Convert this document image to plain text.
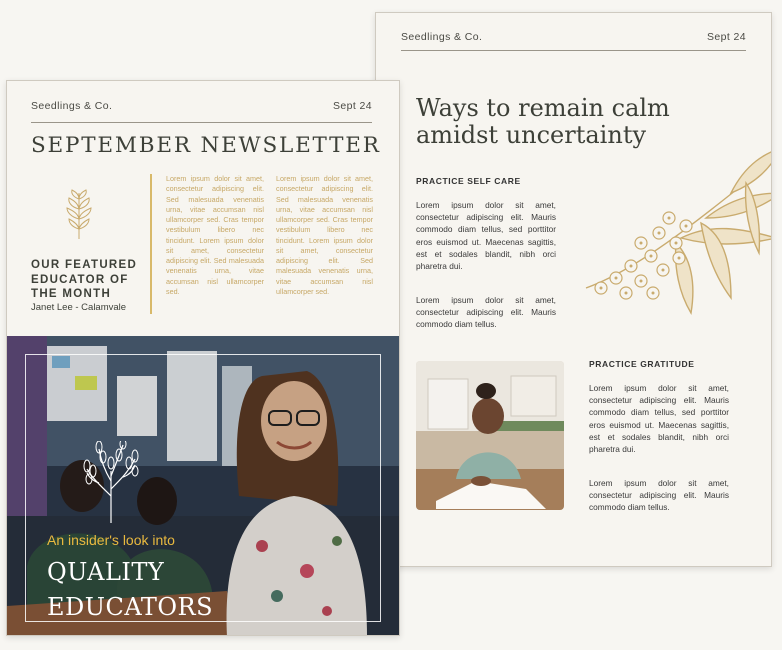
Seedlings & Co.	Sept 24
Ways to remain calm
amidst uncertainty
PRACTICE SELF CARE
Lorem ipsum dolor sit amet, consectetur adipiscing elit. Mauris commodo diam tellus, sed porttitor eros euismod ut. Maecenas sagittis, est et sodales blandit, nibh orci pharetra dui.
Lorem ipsum dolor sit amet, consectetur adipiscing elit. Mauris commodo diam tellus.
PRACTICE GRATITUDE
Lorem ipsum dolor sit amet, consectetur adipiscing elit. Mauris commodo diam tellus, sed porttitor eros euismod ut. Maecenas sagittis, est et sodales blandit, nibh orci pharetra dui.
Lorem ipsum dolor sit amet, consectetur adipiscing elit. Mauris commodo diam tellus.
Seedlings & Co.	Sept 24
SEPTEMBER NEWSLETTER
OUR FEATURED
EDUCATOR OF
THE MONTH
Janet Lee - Calamvale
Lorem ipsum dolor sit amet, consectetur adipiscing elit. Sed malesuada venenatis urna, vitae accumsan nisl ullamcorper sed. Cras tempor vestibulum libero nec tincidunt. Lorem ipsum dolor sit amet, consectetur adipiscing elit. Sed malesuada venenatis urna, vitae accumsan nisl ullamcorper sed.
Lorem ipsum dolor sit amet, consectetur adipiscing elit. Sed malesuada venenatis urna, vitae accumsan nisl ullamcorper sed. Cras tempor vestibulum libero nec tincidunt. Lorem ipsum dolor sit amet, consectetur adipiscing elit. Sed malesuada venenatis urna, vitae accumsan nisl ullamcorper sed.
An insider's look into
QUALITY
EDUCATORS
